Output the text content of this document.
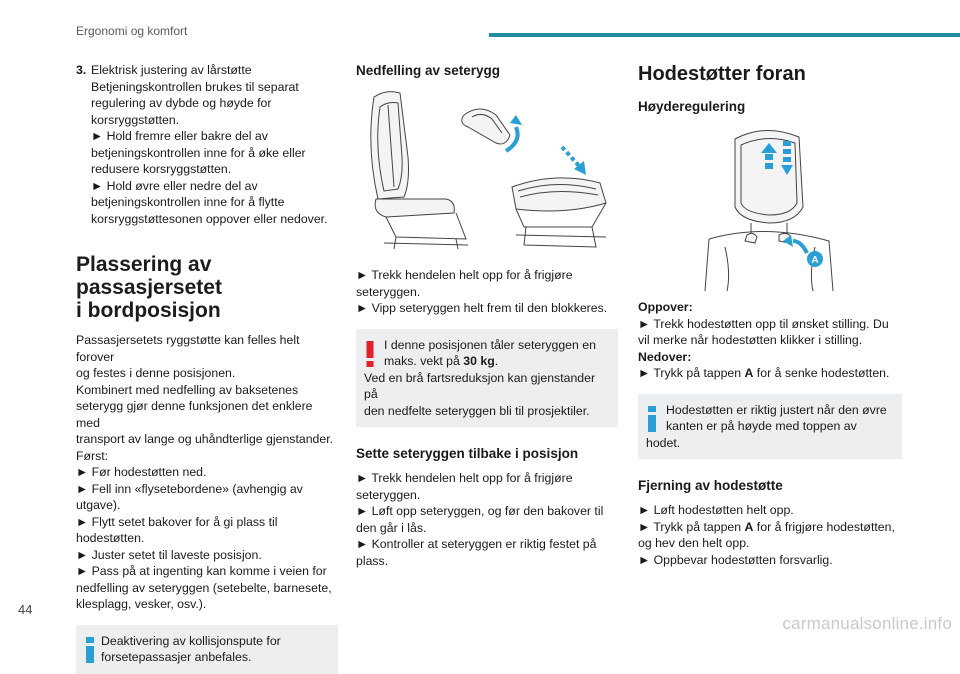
Ergonomi og komfort
3. Elektrisk justering av lårstøtte

Betjeningskontrollen brukes til separat

regulering av dybde og høyde for

korsryggstøtten.

► Hold fremre eller bakre del av

betjeningskontrollen inne for å øke eller

redusere korsryggstøtten.

► Hold øvre eller nedre del av

betjeningskontrollen inne for å flytte

korsryggstøttesonen oppover eller nedover.

Plassering av passasjersetet
i bordposisjon

Passasjersetets ryggstøtte kan felles helt forover

og festes i denne posisjonen.

Kombinert med nedfelling av baksetenes

seterygg gjør denne funksjonen det enklere med

transport av lange og uhåndterlige gjenstander.

Først:

► Før hodestøtten ned.

► Fell inn «flysetebordene» (avhengig av

utgave).

► Flytt setet bakover for å gi plass til

hodestøtten.

► Juster setet til laveste posisjon.

► Pass på at ingenting kan komme i veien for

nedfelling av seteryggen (setebelte, barnesete,

klesplagg, vesker, osv.).

Deaktivering av kollisjonspute for

forsetepassasjer anbefales.

Nedfelling av seterygg

► Trekk hendelen helt opp for å frigjøre

seteryggen.

► Vipp seteryggen helt frem til den blokkeres.

I denne posisjonen tåler seteryggen en

maks. vekt på 30 kg.

Ved en brå fartsreduksjon kan gjenstander på

den nedfelte seteryggen bli til prosjektiler.

Sette seteryggen tilbake i posisjon

► Trekk hendelen helt opp for å frigjøre

seteryggen.

► Løft opp seteryggen, og før den bakover til

den går i lås.

► Kontroller at seteryggen er riktig festet på

plass.

Hodestøtter foran
Høyderegulering
A

Oppover:

► Trekk hodestøtten opp til ønsket stilling. Du

vil merke når hodestøtten klikker i stilling.

Nedover:

► Trykk på tappen A for å senke hodestøtten.

Hodestøtten er riktig justert når den øvre

kanten er på høyde med toppen av

hodet.

Fjerning av hodestøtte

► Løft hodestøtten helt opp.

► Trykk på tappen A for å frigjøre hodestøtten,

og hev den helt opp.

► Oppbevar hodestøtten forsvarlig.

44
carmanualsonline.info
